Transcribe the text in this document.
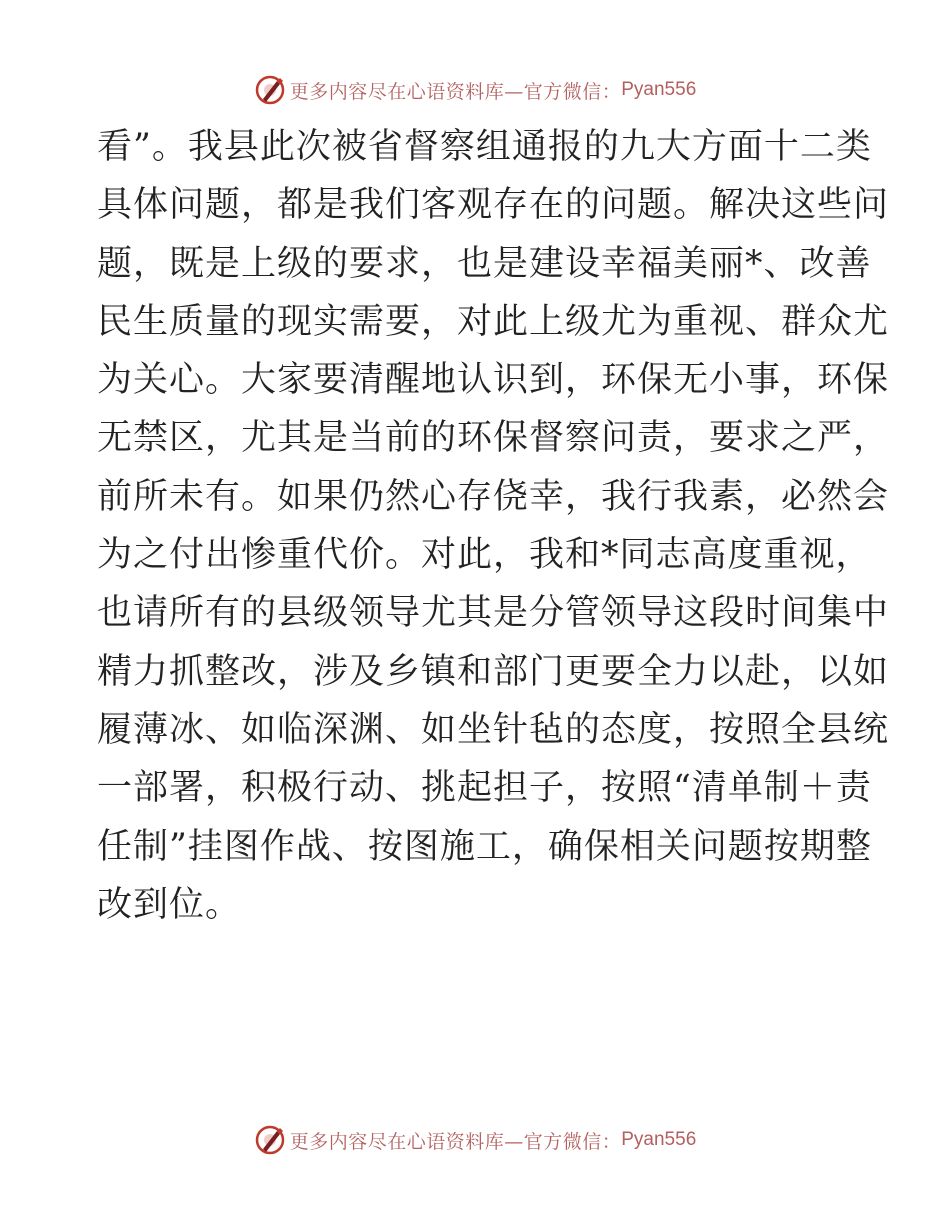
更多内容尽在心语资料库—官方微信： Pyan556
看”。我县此次被省督察组通报的九大方面十二类
具体问题，都是我们客观存在的问题。解决这些问
题，既是上级的要求，也是建设幸福美丽*、改善
民生质量的现实需要，对此上级尤为重视、群众尤
为关心。大家要清醒地认识到，环保无小事，环保
无禁区，尤其是当前的环保督察问责，要求之严，
前所未有。如果仍然心存侥幸，我行我素，必然会
为之付出惨重代价。对此，我和*同志高度重视，
也请所有的县级领导尤其是分管领导这段时间集中
精力抓整改，涉及乡镇和部门更要全力以赴，以如
履薄冰、如临深渊、如坐针毡的态度，按照全县统
一部署，积极行动、挑起担子，按照“清单制＋责
任制”挂图作战、按图施工，确保相关问题按期整
改到位。
更多内容尽在心语资料库—官方微信： Pyan556
